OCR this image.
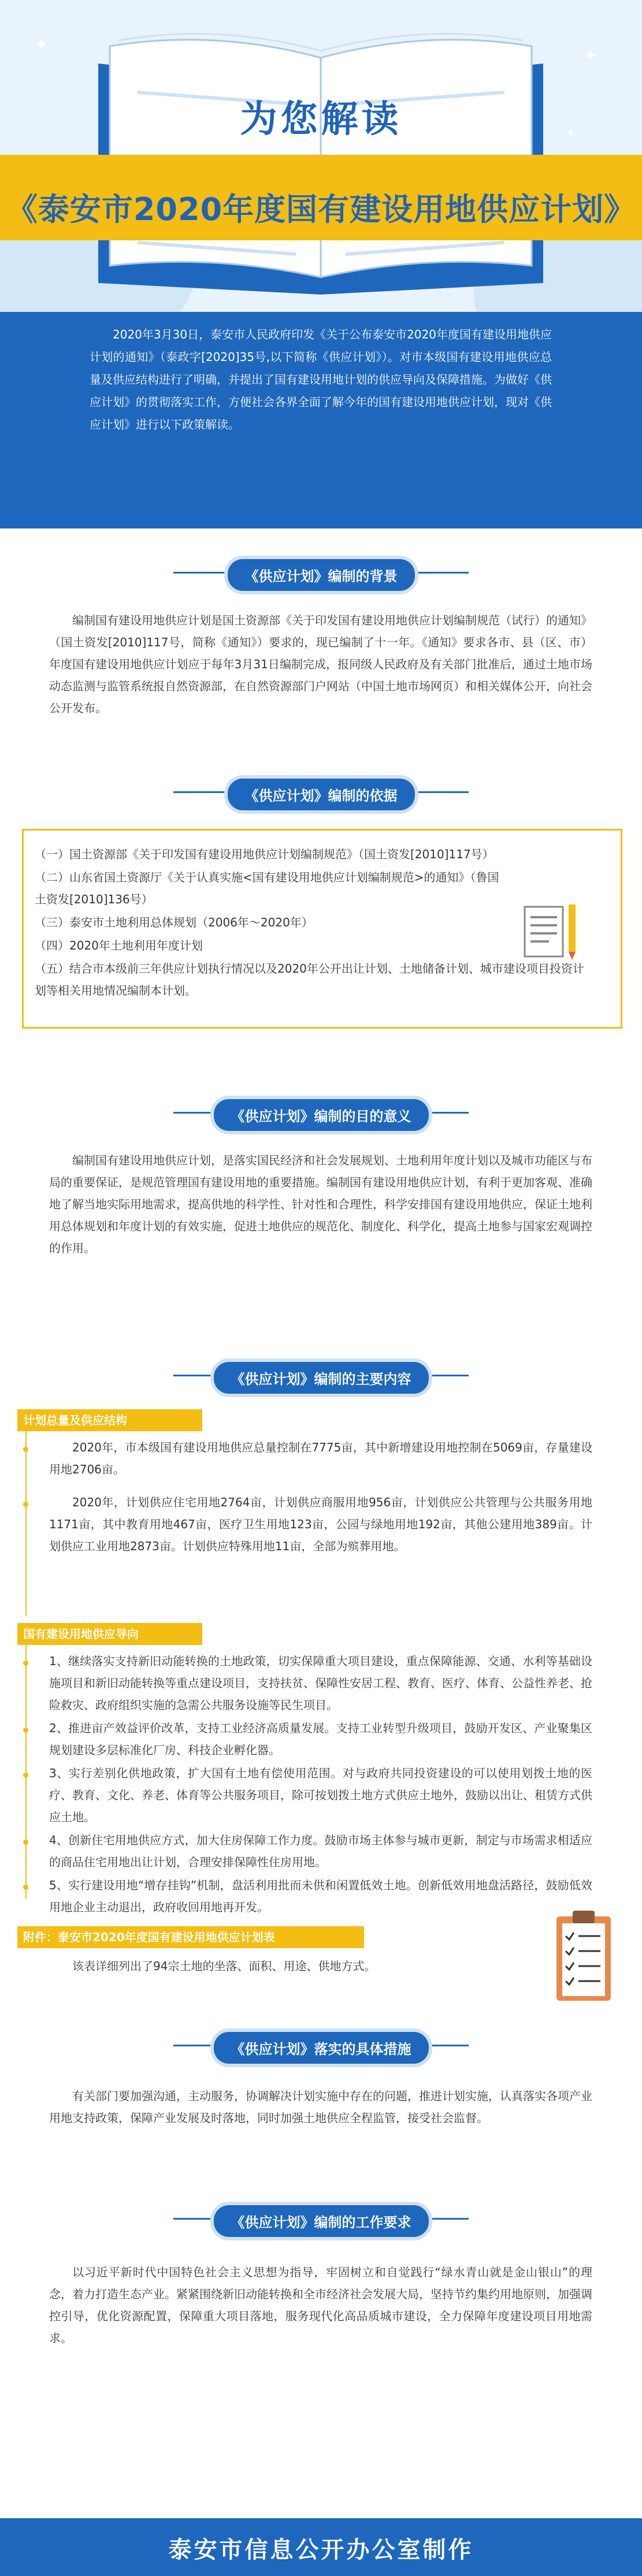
✦
✦
✦
为您解读
《泰安市2020年度国有建设用地供应计划》
2020年3月30日，泰安市人民政府印发《关于公布泰安市2020年度国有建设用地供应计划的通知》（泰政字[2020]35号,以下简称《供应计划》）。对市本级国有建设用地供应总量及供应结构进行了明确，并提出了国有建设用地计划的供应导向及保障措施。为做好《供应计划》的贯彻落实工作，方便社会各界全面了解今年的国有建设用地供应计划，现对《供应计划》进行以下政策解读。
《供应计划》编制的背景
编制国有建设用地供应计划是国土资源部《关于印发国有建设用地供应计划编制规范（试行）的通知》（国土资发[2010]117号，简称《通知》）要求的，现已编制了十一年。《通知》要求各市、县（区、市）年度国有建设用地供应计划应于每年3月31日编制完成，报同级人民政府及有关部门批准后，通过土地市场动态监测与监管系统报自然资源部，在自然资源部门户网站（中国土地市场网页）和相关媒体公开，向社会公开发布。
《供应计划》编制的依据
（一）国土资源部《关于印发国有建设用地供应计划编制规范》（国土资发[2010]117号）
（二）山东省国土资源厅《关于认真实施<国有建设用地供应计划编制规范>的通知》（鲁国土资发[2010]136号）
（三）泰安市土地利用总体规划（2006年～2020年）
（四）2020年土地利用年度计划
（五）结合市本级前三年供应计划执行情况以及2020年公开出让计划、土地储备计划、城市建设项目投资计划等相关用地情况编制本计划。
《供应计划》编制的目的意义
编制国有建设用地供应计划，是落实国民经济和社会发展规划、土地利用年度计划以及城市功能区与布局的重要保证，是规范管理国有建设用地的重要措施。编制国有建设用地供应计划，有利于更加客观、准确地了解当地实际用地需求，提高供地的科学性、针对性和合理性，科学安排国有建设用地供应，保证土地利用总体规划和年度计划的有效实施，促进土地供应的规范化、制度化、科学化，提高土地参与国家宏观调控的作用。
《供应计划》编制的主要内容
计划总量及供应结构
2020年，市本级国有建设用地供应总量控制在7775亩，其中新增建设用地控制在5069亩，存量建设用地2706亩。
2020年，计划供应住宅用地2764亩，计划供应商服用地956亩，计划供应公共管理与公共服务用地1171亩，其中教育用地467亩，医疗卫生用地123亩，公园与绿地用地192亩，其他公建用地389亩。计划供应工业用地2873亩。计划供应特殊用地11亩，全部为殡葬用地。
国有建设用地供应导向
1、继续落实支持新旧动能转换的土地政策，切实保障重大项目建设，重点保障能源、交通、水利等基础设施项目和新旧动能转换等重点建设项目，支持扶贫、保障性安居工程、教育、医疗、体育、公益性养老、抢险救灾、政府组织实施的急需公共服务设施等民生项目。
2、推进亩产效益评价改革，支持工业经济高质量发展。支持工业转型升级项目，鼓励开发区、产业聚集区规划建设多层标准化厂房、科技企业孵化器。
3、实行差别化供地政策，扩大国有土地有偿使用范围。对与政府共同投资建设的可以使用划拨土地的医疗、教育、文化、养老、体育等公共服务项目，除可按划拨土地方式供应土地外，鼓励以出让、租赁方式供应土地。
4、创新住宅用地供应方式，加大住房保障工作力度。鼓励市场主体参与城市更新，制定与市场需求相适应的商品住宅用地出让计划，合理安排保障性住房用地。
5、实行建设用地“增存挂钩”机制，盘活利用批而未供和闲置低效土地。创新低效用地盘活路径，鼓励低效用地企业主动退出，政府收回用地再开发。
附件：泰安市2020年度国有建设用地供应计划表
该表详细列出了94宗土地的坐落、面积、用途、供地方式。
《供应计划》落实的具体措施
有关部门要加强沟通，主动服务，协调解决计划实施中存在的问题，推进计划实施，认真落实各项产业用地支持政策，保障产业发展及时落地，同时加强土地供应全程监管，接受社会监督。
《供应计划》编制的工作要求
以习近平新时代中国特色社会主义思想为指导，牢固树立和自觉践行“绿水青山就是金山银山”的理念，着力打造生态产业。紧紧围绕新旧动能转换和全市经济社会发展大局，坚持节约集约用地原则，加强调控引导，优化资源配置，保障重大项目落地，服务现代化高品质城市建设，全力保障年度建设项目用地需求。
泰安市信息公开办公室制作
